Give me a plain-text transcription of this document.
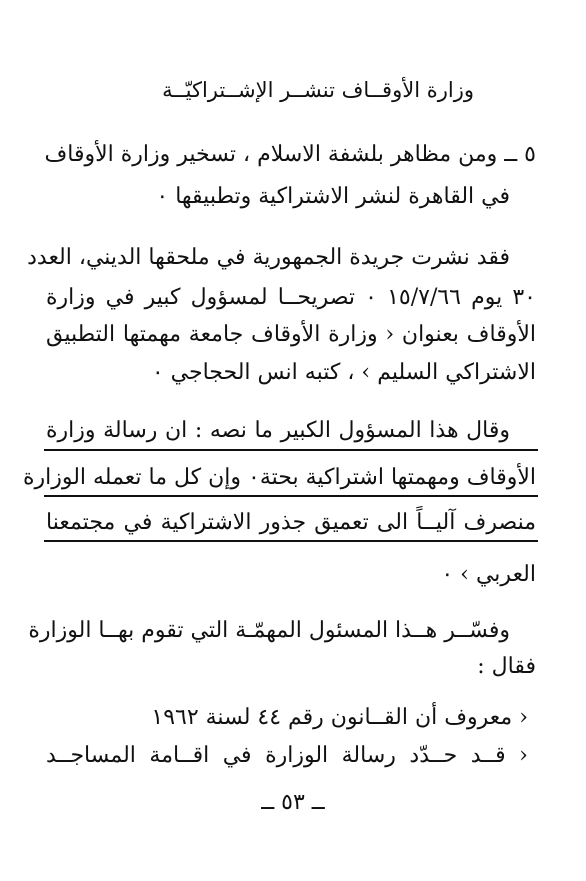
وزارة الأوقــاف تنشــر الإشــتراكيّــة
٥ ــ ومن مظاهر بلشفة الاسلام ، تسخير وزارة الأوقاف
في القاهرة لنشر الاشتراكية وتطبيقها ٠
فقد نشرت جريدة الجمهورية في ملحقها الديني، العدد
٣٠ يوم ١٥/٧/٦٦ ٠ تصريحــا لمسؤول كبير في وزارة
الأوقاف بعنوان ‹ وزارة الأوقاف جامعة مهمتها التطبيق
الاشتراكي السليم › ، كتبه انس الحجاجي ٠
وقال هذا المسؤول الكبير ما نصه : ان رسالة وزارة
الأوقاف ومهمتها اشتراكية بحتة٠ وإن كل ما تعمله الوزارة
منصرف آليــاً الى تعميق جذور الاشتراكية في مجتمعنا
العربي › ٠
وفسّــر هــذا المسئول المهمّـة التي تقوم بهــا الوزارة
فقال :
‹ معروف أن القــانون رقم ٤٤ لسنة ١٩٦٢
‹ قــد حــدّد رسالة الوزارة في اقــامة المساجــد
ــ ٥٣ ــ
